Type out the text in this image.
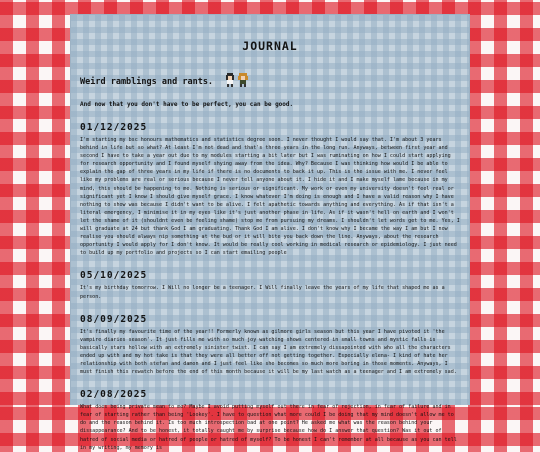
JOURNAL
Weird ramblings and rants.
And now that you don't have to be perfect, you can be good.
01/12/2025
I'm starting my bsc honours mathematics and statistics degree soon. I never thought I would say that. I'm about 3 years behind in life but so what? At least I'm not dead and that's three years in the long run. Anyways, between first year and second I have to take a year out due to my modules starting a bit later but I was ruminating on how I could start applying for research opportunity and I found myself shying away from the idea. Why? Because I was thinking how would I be able to explain the gap of three years in my life if there is no documents to back it up. This is the issue with me. I never feel like my problems are real or serious because I never tell anyone about it. I hide it and I make myself lame because in my mind, this should be happening to me. Nothing is serious or significant. My work or even my university doesn't feel real or significant yet I know I should give myself grace. I know whatever I'm doing is enough and I have a valid reason why I have nothing to show was because I didn't want to be alive. I felt apathetic towards anything and everything. As if that isn't a literal emergency, I minimise it in my eyes like it's just another phase in life. As if it wasn't hell on earth and I won't let the shame of it (shouldnt even be feeling shame) stop me from pursuing my dreams. I shouldn't let words get to me. Yes, I will graduate at 24 but thank God I am graduating. Thank God I am alive. I don't know why I became the way I am but I now realise you should always nip something at the bud or it will bite you back down the line. Anyways, about the research opportunity I would apply for I don't know. It would be really cool working in medical research or epidemiology. I just need to build up my portfolio and projects so I can start emailing people
05/10/2025
It's my birthday tomorrow. I Will no longer be a teenager. I Will finally leave the years of my life that shaped me as a person.
08/09/2025
It's finally my favourite time of the year!! Formerly known as gilmore girls season but this year I have pivoted it 'the vampire diaries season'. It just fills me with so much joy watching shows centered in small towns and mystic falls is basically stars hollow with an extremely sinister twist. I can say I am extremely dissapointed with who all the characters ended up with and my hot take is that they were all better off not getting together. Especially elena- I kind of hate her relationship with both stefan and damon and I just feel like she becomes so much more boring in those moments. Anyways, I must finish this rewatch before the end of this month because it will be my last watch as a teenager and I am extremely sad.
02/08/2025
What does being private mean to me? Maybe I avoid putting myself out there in fear of rejection, in fear of failure and in fear of starting rather than being 'Lookey'. I have to question what more could I be doing that my mind doesn't allow me to do and the reason behind it. Is too much introspection bad at one point? He asked me what was the reason behind your dissappearance? And to be honest, it totally caught me by surprise because how do I answer that question? Was it out of hatred of social media or hatred of people or hatred of myself? To be honest I can't remember at all because as you can tell in my writing, my memory is
